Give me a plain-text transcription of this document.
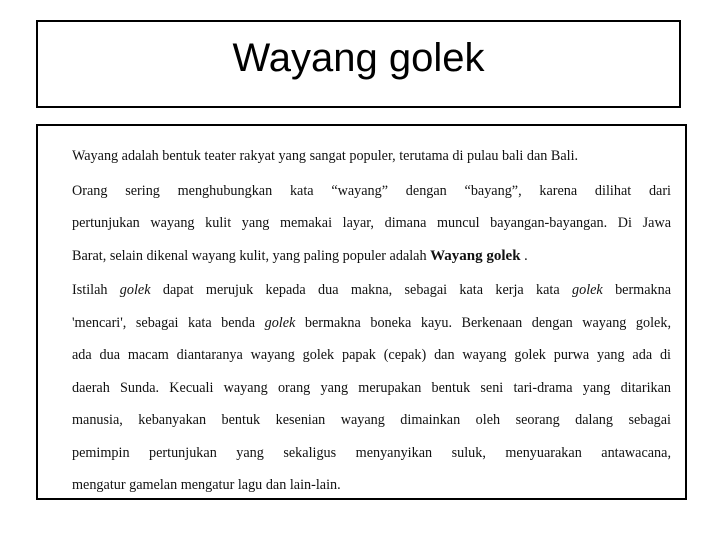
Wayang golek

Wayang adalah bentuk teater rakyat yang sangat populer, terutama di pulau bali dan Bali.

Orang sering menghubungkan kata “wayang” dengan “bayang”, karena dilihat dari
pertunjukan wayang kulit yang memakai layar, dimana muncul bayangan-bayangan. Di Jawa
Barat, selain dikenal wayang kulit, yang paling populer adalah Wayang golek .

Istilah golek dapat merujuk kepada dua makna, sebagai kata kerja kata golek bermakna
'mencari', sebagai kata benda golek bermakna boneka kayu. Berkenaan dengan wayang golek,
ada dua macam diantaranya wayang golek papak (cepak) dan wayang golek purwa yang ada di
daerah Sunda. Kecuali wayang orang yang merupakan bentuk seni tari-drama yang ditarikan
manusia, kebanyakan bentuk kesenian wayang dimainkan oleh seorang dalang sebagai
pemimpin pertunjukan yang sekaligus menyanyikan suluk, menyuarakan antawacana,
mengatur gamelan mengatur lagu dan lain-lain.
